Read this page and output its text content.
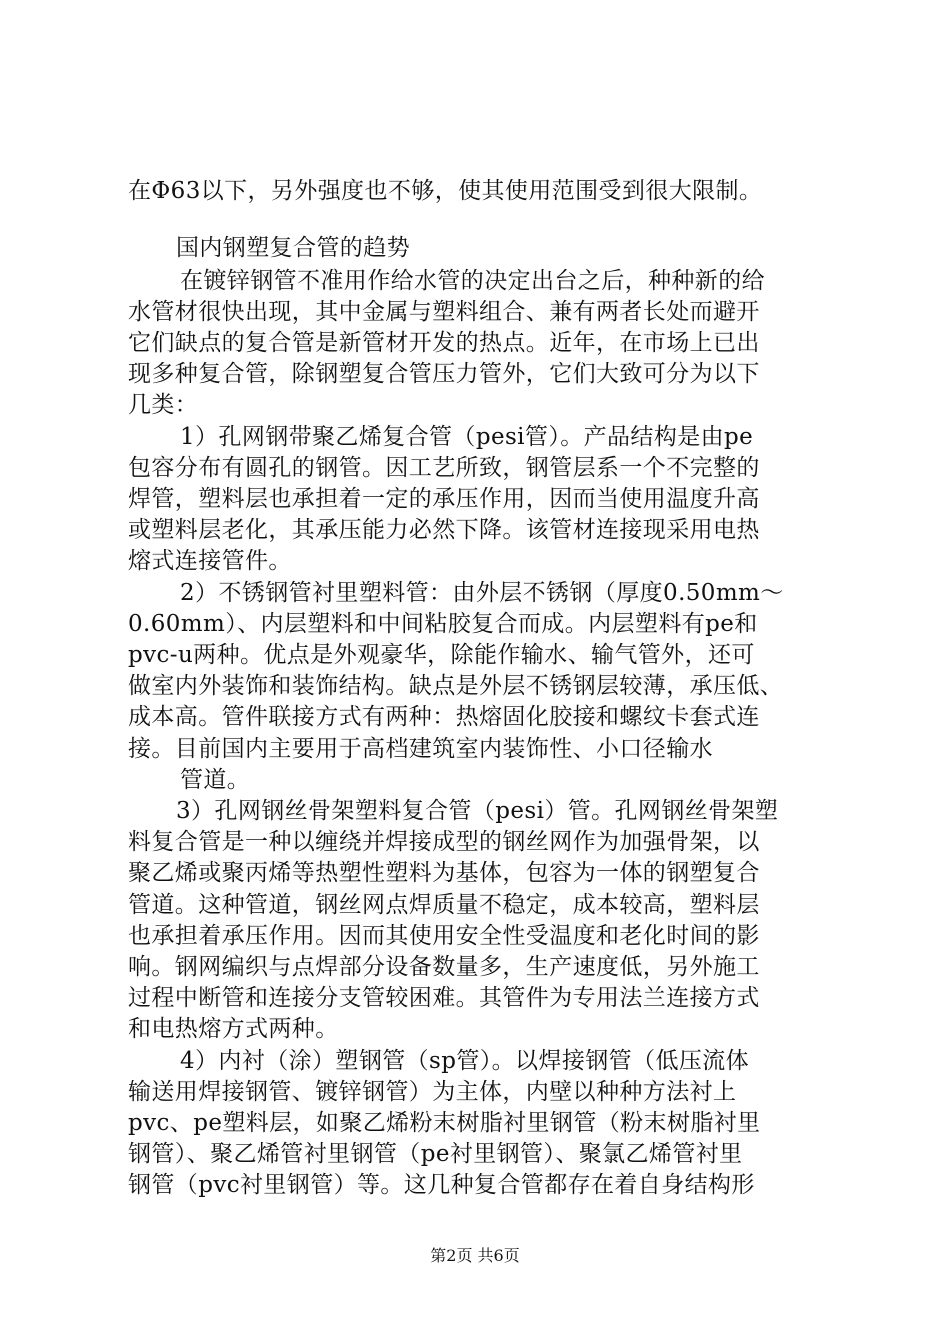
在Φ63以下，另外强度也不够，使其使用范围受到很大限制。
国内钢塑复合管的趋势
在镀锌钢管不准用作给水管的决定出台之后，种种新的给
水管材很快出现，其中金属与塑料组合、兼有两者长处而避开
它们缺点的复合管是新管材开发的热点。近年，在市场上已出
现多种复合管，除钢塑复合管压力管外，它们大致可分为以下
几类：
1）孔网钢带聚乙烯复合管（pesi管）。产品结构是由pe
包容分布有圆孔的钢管。因工艺所致，钢管层系一个不完整的
焊管，塑料层也承担着一定的承压作用，因而当使用温度升高
或塑料层老化，其承压能力必然下降。该管材连接现采用电热
熔式连接管件。
2）不锈钢管衬里塑料管：由外层不锈钢（厚度0.50mm～
0.60mm）、内层塑料和中间粘胶复合而成。内层塑料有pe和
pvc-u两种。优点是外观豪华，除能作输水、输气管外，还可
做室内外装饰和装饰结构。缺点是外层不锈钢层较薄，承压低、
成本高。管件联接方式有两种：热熔固化胶接和螺纹卡套式连
接。目前国内主要用于高档建筑室内装饰性、小口径输水
管道。
3）孔网钢丝骨架塑料复合管（pesi）管。孔网钢丝骨架塑
料复合管是一种以缠绕并焊接成型的钢丝网作为加强骨架，以
聚乙烯或聚丙烯等热塑性塑料为基体，包容为一体的钢塑复合
管道。这种管道，钢丝网点焊质量不稳定，成本较高，塑料层
也承担着承压作用。因而其使用安全性受温度和老化时间的影
响。钢网编织与点焊部分设备数量多，生产速度低，另外施工
过程中断管和连接分支管较困难。其管件为专用法兰连接方式
和电热熔方式两种。
4）内衬（涂）塑钢管（sp管）。以焊接钢管（低压流体
输送用焊接钢管、镀锌钢管）为主体，内壁以种种方法衬上
pvc、pe塑料层，如聚乙烯粉末树脂衬里钢管（粉末树脂衬里
钢管）、聚乙烯管衬里钢管（pe衬里钢管）、聚氯乙烯管衬里
钢管（pvc衬里钢管）等。这几种复合管都存在着自身结构形
第2页 共6页
